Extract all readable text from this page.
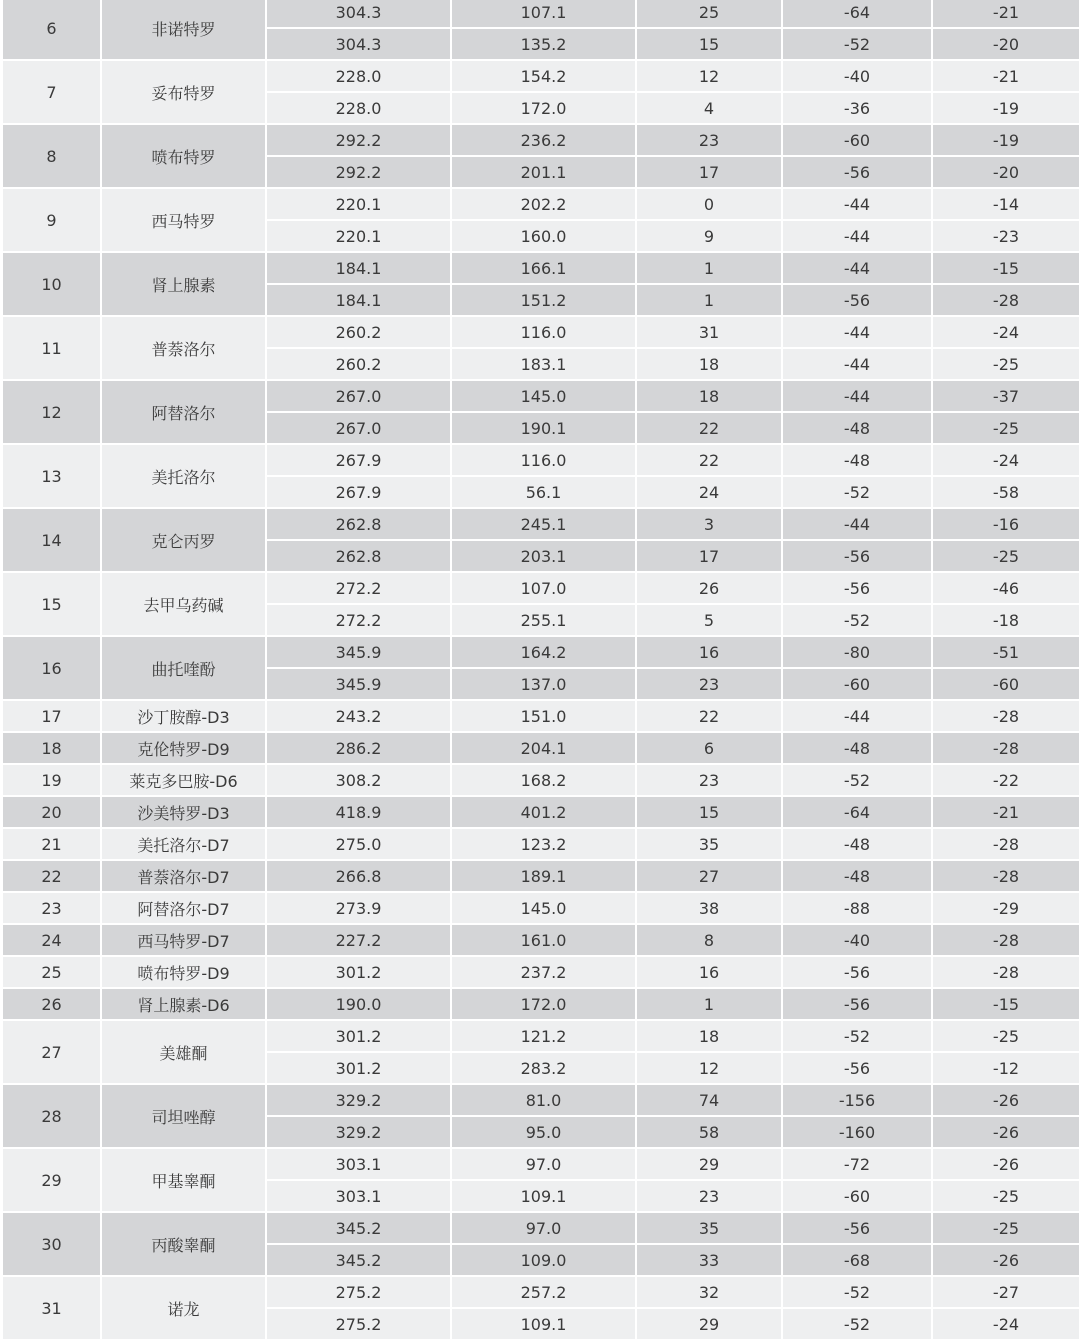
6	非诺特罗	304.3	107.1	25	-64	-21
		304.3	135.2	15	-52	-20
7	妥布特罗	228.0	154.2	12	-40	-21
		228.0	172.0	4	-36	-19
8	喷布特罗	292.2	236.2	23	-60	-19
		292.2	201.1	17	-56	-20
9	西马特罗	220.1	202.2	0	-44	-14
		220.1	160.0	9	-44	-23
10	肾上腺素	184.1	166.1	1	-44	-15
		184.1	151.2	1	-56	-28
11	普萘洛尔	260.2	116.0	31	-44	-24
		260.2	183.1	18	-44	-25
12	阿替洛尔	267.0	145.0	18	-44	-37
		267.0	190.1	22	-48	-25
13	美托洛尔	267.9	116.0	22	-48	-24
		267.9	56.1	24	-52	-58
14	克仑丙罗	262.8	245.1	3	-44	-16
		262.8	203.1	17	-56	-25
15	去甲乌药碱	272.2	107.0	26	-56	-46
		272.2	255.1	5	-52	-18
16	曲托喹酚	345.9	164.2	16	-80	-51
		345.9	137.0	23	-60	-60
17	沙丁胺醇-D3	243.2	151.0	22	-44	-28
18	克伦特罗-D9	286.2	204.1	6	-48	-28
19	莱克多巴胺-D6	308.2	168.2	23	-52	-22
20	沙美特罗-D3	418.9	401.2	15	-64	-21
21	美托洛尔-D7	275.0	123.2	35	-48	-28
22	普萘洛尔-D7	266.8	189.1	27	-48	-28
23	阿替洛尔-D7	273.9	145.0	38	-88	-29
24	西马特罗-D7	227.2	161.0	8	-40	-28
25	喷布特罗-D9	301.2	237.2	16	-56	-28
26	肾上腺素-D6	190.0	172.0	1	-56	-15
27	美雄酮	301.2	121.2	18	-52	-25
		301.2	283.2	12	-56	-12
28	司坦唑醇	329.2	81.0	74	-156	-26
		329.2	95.0	58	-160	-26
29	甲基睾酮	303.1	97.0	29	-72	-26
		303.1	109.1	23	-60	-25
30	丙酸睾酮	345.2	97.0	35	-56	-25
		345.2	109.0	33	-68	-26
31	诺龙	275.2	257.2	32	-52	-27
		275.2	109.1	29	-52	-24
